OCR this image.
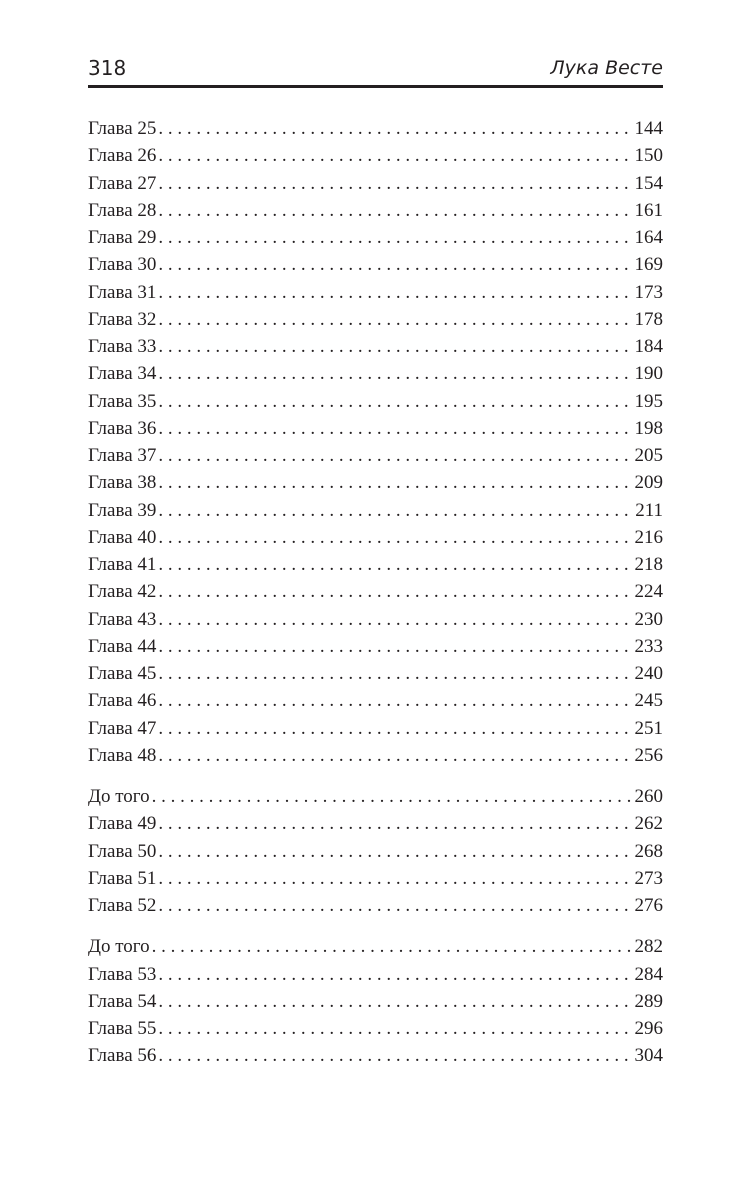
318	Лука Весте
Глава 25 . . .	144
Глава 26 . . .	150
Глава 27 . . .	154
Глава 28 . . .	161
Глава 29 . . .	164
Глава 30 . . .	169
Глава 31 . . .	173
Глава 32 . . .	178
Глава 33 . . .	184
Глава 34 . . .	190
Глава 35 . . .	195
Глава 36 . . .	198
Глава 37 . . .	205
Глава 38 . . .	209
Глава 39 . . .	211
Глава 40 . . .	216
Глава 41 . . .	218
Глава 42 . . .	224
Глава 43 . . .	230
Глава 44 . . .	233
Глава 45 . . .	240
Глава 46 . . .	245
Глава 47 . . .	251
Глава 48 . . .	256
До того . . .	260
Глава 49 . . .	262
Глава 50 . . .	268
Глава 51 . . .	273
Глава 52 . . .	276
До того . . .	282
Глава 53 . . .	284
Глава 54 . . .	289
Глава 55 . . .	296
Глава 56 . . .	304
